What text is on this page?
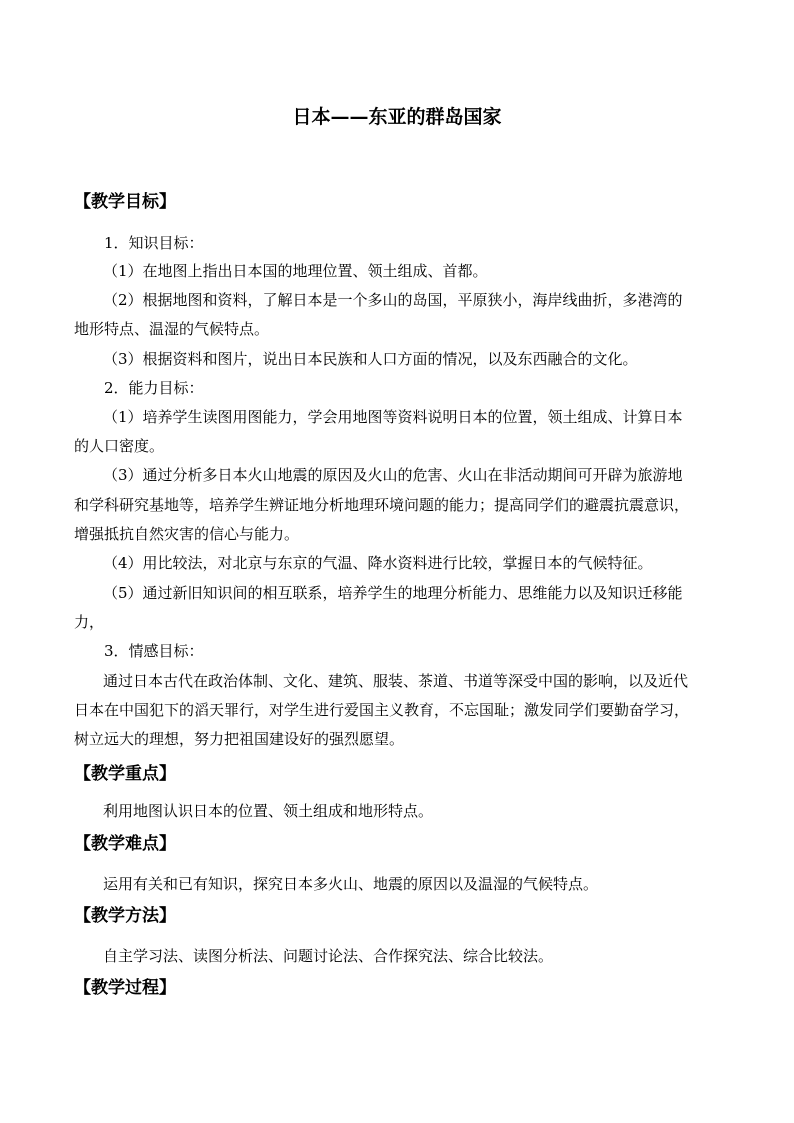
日本——东亚的群岛国家
【教学目标】
1．知识目标：
（1）在地图上指出日本国的地理位置、领土组成、首都。
（2）根据地图和资料，了解日本是一个多山的岛国，平原狭小，海岸线曲折，多港湾的
地形特点、温湿的气候特点。
（3）根据资料和图片，说出日本民族和人口方面的情况，以及东西融合的文化。
2．能力目标：
（1）培养学生读图用图能力，学会用地图等资料说明日本的位置，领土组成、计算日本
的人口密度。
（3）通过分析多日本火山地震的原因及火山的危害、火山在非活动期间可开辟为旅游地
和学科研究基地等，培养学生辨证地分析地理环境问题的能力；提高同学们的避震抗震意识，
增强抵抗自然灾害的信心与能力。
（4）用比较法，对北京与东京的气温、降水资料进行比较，掌握日本的气候特征。
（5）通过新旧知识间的相互联系，培养学生的地理分析能力、思维能力以及知识迁移能
力，
3．情感目标：
通过日本古代在政治体制、文化、建筑、服装、茶道、书道等深受中国的影响，以及近代
日本在中国犯下的滔天罪行，对学生进行爱国主义教育，不忘国耻；激发同学们要勤奋学习，
树立远大的理想，努力把祖国建设好的强烈愿望。
【教学重点】
利用地图认识日本的位置、领土组成和地形特点。
【教学难点】
运用有关和已有知识，探究日本多火山、地震的原因以及温湿的气候特点。
【教学方法】
自主学习法、读图分析法、问题讨论法、合作探究法、综合比较法。
【教学过程】
